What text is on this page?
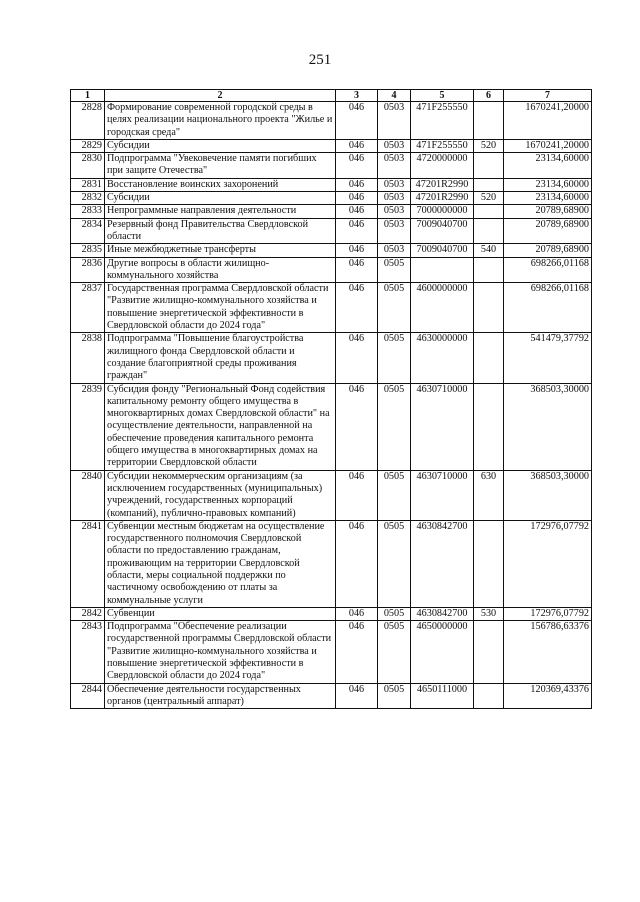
251
1	2	3	4	5	6	7
2828	Формирование современной городской среды в целях реализации национального проекта "Жилье и городская среда"	046	0503	471F255550		1670241,20000
2829	Субсидии	046	0503	471F255550	520	1670241,20000
2830	Подпрограмма "Увековечение памяти погибших при защите Отечества"	046	0503	4720000000		23134,60000
2831	Восстановление воинских захоронений	046	0503	47201R2990		23134,60000
2832	Субсидии	046	0503	47201R2990	520	23134,60000
2833	Непрограммные направления деятельности	046	0503	7000000000		20789,68900
2834	Резервный фонд Правительства Свердловской области	046	0503	7009040700		20789,68900
2835	Иные межбюджетные трансферты	046	0503	7009040700	540	20789,68900
2836	Другие вопросы в области жилищно-коммунального хозяйства	046	0505			698266,01168
2837	Государственная программа Свердловской области "Развитие жилищно-коммунального хозяйства и повышение энергетической эффективности в Свердловской области до 2024 года"	046	0505	4600000000		698266,01168
2838	Подпрограмма "Повышение благоустройства жилищного фонда Свердловской области и создание благоприятной среды проживания граждан"	046	0505	4630000000		541479,37792
2839	Субсидия фонду "Региональный Фонд содействия капитальному ремонту общего имущества в многоквартирных домах Свердловской области" на осуществление деятельности, направленной на обеспечение проведения капитального ремонта общего имущества в многоквартирных домах на территории Свердловской области	046	0505	4630710000		368503,30000
2840	Субсидии некоммерческим организациям (за исключением государственных (муниципальных) учреждений, государственных корпораций (компаний), публично-правовых компаний)	046	0505	4630710000	630	368503,30000
2841	Субвенции местным бюджетам на осуществление государственного полномочия Свердловской области по предоставлению гражданам, проживающим на территории Свердловской области, меры социальной поддержки по частичному освобождению от платы за коммунальные услуги	046	0505	4630842700		172976,07792
2842	Субвенции	046	0505	4630842700	530	172976,07792
2843	Подпрограмма "Обеспечение реализации государственной программы Свердловской области "Развитие жилищно-коммунального хозяйства и повышение энергетической эффективности в Свердловской области до 2024 года"	046	0505	4650000000		156786,63376
2844	Обеспечение деятельности государственных органов (центральный аппарат)	046	0505	4650111000		120369,43376
